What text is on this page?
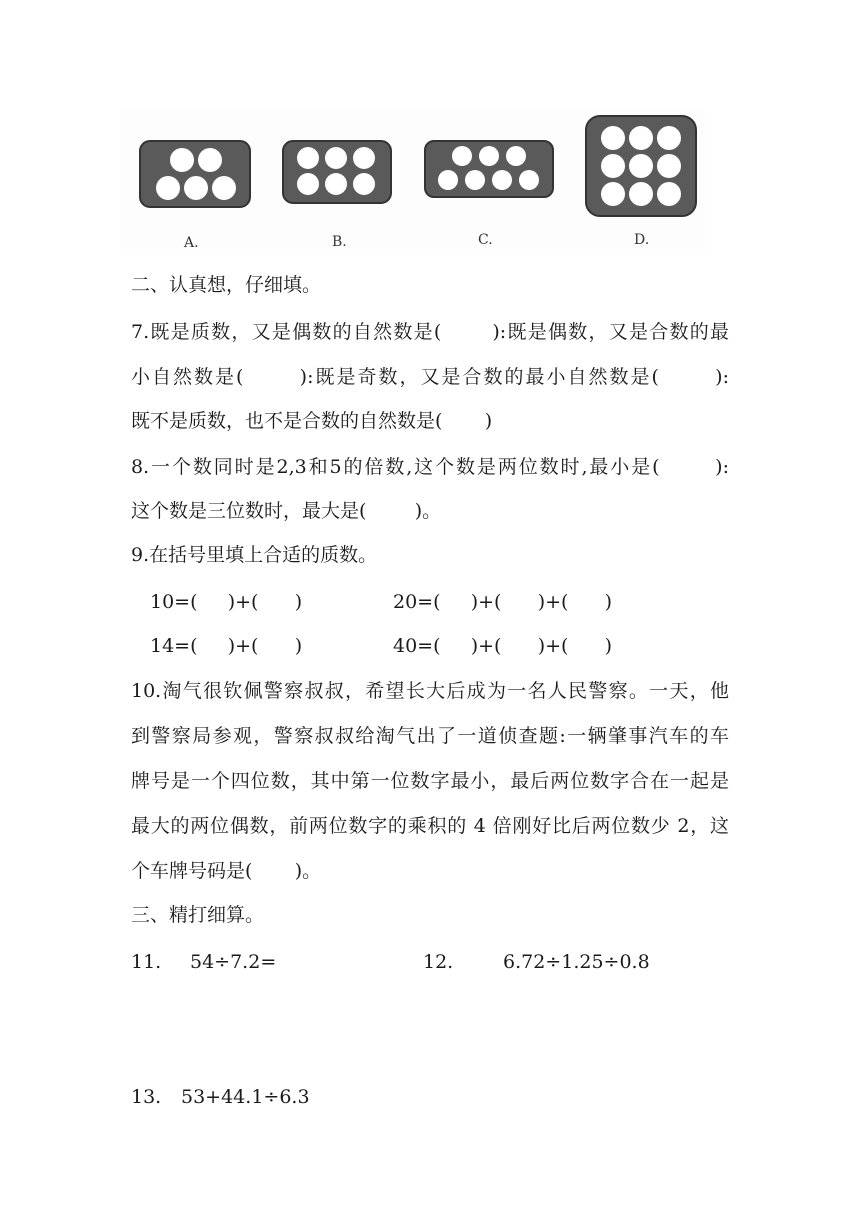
A.	B.	C.	D.
二、认真想，仔细填。
7.既是质数，又是偶数的自然数是(       ):既是偶数，又是合数的最
小自然数是(       ):既是奇数，又是合数的最小自然数是(       ):
既不是质数，也不是合数的自然数是(       )
8.一个数同时是2,3和5的倍数,这个数是两位数时,最小是(       ):
这个数是三位数时，最大是(        )。
9.在括号里填上合适的质数。
10=(     )+(      )	20=(     )+(      )+(      )
14=(     )+(      )	40=(     )+(      )+(      )
10.淘气很钦佩警察叔叔，希望长大后成为一名人民警察。一天，他
到警察局参观，警察叔叔给淘气出了一道侦查题:一辆肇事汽车的车
牌号是一个四位数，其中第一位数字最小，最后两位数字合在一起是
最大的两位偶数，前两位数字的乘积的 4 倍刚好比后两位数少 2，这
个车牌号码是(       )。
三、精打细算。
11. 54÷7.2=	12.	6.72÷1.25÷0.8
13. 53+44.1÷6.3
